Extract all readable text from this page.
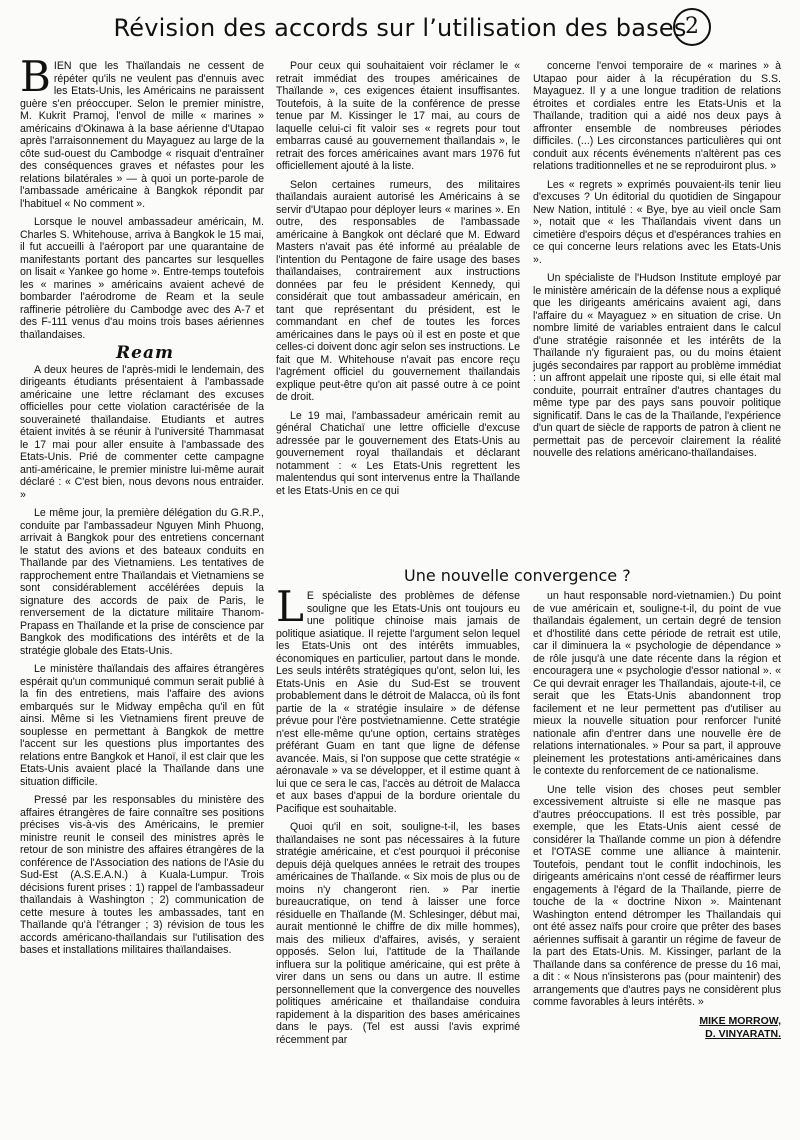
2
Révision des accords sur l’utilisation des bases

BIEN que les Thaïlandais ne cessent de répéter qu'ils ne veulent pas d'ennuis avec les Etats-Unis, les Américains ne paraissent guère s'en préoccuper. Selon le premier ministre, M. Kukrit Pramoj, l'envol de mille « marines » américains d'Okinawa à la base aérienne d'Utapao après l'arraisonnement du Mayaguez au large de la côte sud-ouest du Cambodge « risquait d'entraîner des conséquences graves et néfastes pour les relations bilatérales » — à quoi un porte-parole de l'ambassade américaine à Bangkok répondit par l'habituel « No comment ».

Lorsque le nouvel ambassadeur américain, M. Charles S. Whitehouse, arriva à Bangkok le 15 mai, il fut accueilli à l'aéroport par une quarantaine de manifestants portant des pancartes sur lesquelles on lisait « Yankee go home ». Entre-temps toutefois les « marines » américains avaient achevé de bombarder l'aérodrome de Ream et la seule raffinerie pétrolière du Cambodge avec des A-7 et des F-111 venus d'au moins trois bases aériennes thaïlandaises.

Ream

A deux heures de l'après-midi le lendemain, des dirigeants étudiants présentaient à l'ambassade américaine une lettre réclamant des excuses officielles pour cette violation caractérisée de la souveraineté thaïlandaise. Etudiants et autres étaient invités à se réunir à l'université Thammasat le 17 mai pour aller ensuite à l'ambassade des Etats-Unis. Prié de commenter cette campagne anti-américaine, le premier ministre lui-même aurait déclaré : « C'est bien, nous devons nous entraider. »

Le même jour, la première délégation du G.R.P., conduite par l'ambassadeur Nguyen Minh Phuong, arrivait à Bangkok pour des entretiens concernant le statut des avions et des bateaux conduits en Thaïlande par des Vietnamiens. Les tentatives de rapprochement entre Thaïlandais et Vietnamiens se sont considérablement accélérées depuis la signature des accords de paix de Paris, le renversement de la dictature militaire Thanom-Prapass en Thaïlande et la prise de conscience par Bangkok des modifications des intérêts et de la stratégie globale des Etats-Unis.

Le ministère thaïlandais des affaires étrangères espérait qu'un communiqué commun serait publié à la fin des entretiens, mais l'affaire des avions embarqués sur le Midway empêcha qu'il en fût ainsi. Même si les Vietnamiens firent preuve de souplesse en permettant à Bangkok de mettre l'accent sur les questions plus importantes des relations entre Bangkok et Hanoï, il est clair que les Etats-Unis avaient placé la Thaïlande dans une situation difficile.

Pressé par les responsables du ministère des affaires étrangères de faire connaître ses positions précises vis-à-vis des Américains, le premier ministre reunit le conseil des ministres après le retour de son ministre des affaires étrangères de la conférence de l'Association des nations de l'Asie du Sud-Est (A.S.E.A.N.) à Kuala-Lumpur. Trois décisions furent prises : 1) rappel de l'ambassadeur thaïlandais à Washington ; 2) communication de cette mesure à toutes les ambassades, tant en Thaïlande qu'à l'étranger ; 3) révision de tous les accords américano-thaïlandais sur l'utilisation des bases et installations militaires thaïlandaises.

Pour ceux qui souhaitaient voir réclamer le « retrait immédiat des troupes américaines de Thaïlande », ces exigences étaient insuffisantes. Toutefois, à la suite de la conférence de presse tenue par M. Kissinger le 17 mai, au cours de laquelle celui-ci fit valoir ses « regrets pour tout embarras causé au gouvernement thaïlandais », le retrait des forces américaines avant mars 1976 fut officiellement ajouté à la liste.

Selon certaines rumeurs, des militaires thaïlandais auraient autorisé les Américains à se servir d'Utapao pour déployer leurs « marines ». En outre, des responsables de l'ambassade américaine à Bangkok ont déclaré que M. Edward Masters n'avait pas été informé au préalable de l'intention du Pentagone de faire usage des bases thaïlandaises, contrairement aux instructions données par feu le président Kennedy, qui considérait que tout ambassadeur américain, en tant que représentant du président, est le commandant en chef de toutes les forces américaines dans le pays où il est en poste et que celles-ci doivent donc agir selon ses instructions. Le fait que M. Whitehouse n'avait pas encore reçu l'agrément officiel du gouvernement thaïlandais explique peut-être qu'on ait passé outre à ce point de droit.

Le 19 mai, l'ambassadeur américain remit au général Chatichaï une lettre officielle d'excuse adressée par le gouvernement des Etats-Unis au gouvernement royal thaïlandais et déclarant notamment : « Les Etats-Unis regrettent les malentendus qui sont intervenus entre la Thaïlande et les Etats-Unis en ce qui

concerne l'envoi temporaire de « marines » à Utapao pour aider à la récupération du S.S. Mayaguez. Il y a une longue tradition de relations étroites et cordiales entre les Etats-Unis et la Thaïlande, tradition qui a aidé nos deux pays à affronter ensemble de nombreuses périodes difficiles. (...) Les circonstances particulières qui ont conduit aux récents événements n'altèrent pas ces relations traditionnelles et ne se reproduiront plus. »

Les « regrets » exprimés pouvaient-ils tenir lieu d'excuses ? Un éditorial du quotidien de Singapour New Nation, intitulé : « Bye, bye au vieil oncle Sam », notait que « les Thaïlandais vivent dans un cimetière d'espoirs déçus et d'espérances trahies en ce qui concerne leurs relations avec les Etats-Unis ».

Un spécialiste de l'Hudson Institute employé par le ministère américain de la défense nous a expliqué que les dirigeants américains avaient agi, dans l'affaire du « Mayaguez » en situation de crise. Un nombre limité de variables entraient dans le calcul d'une stratégie raisonnée et les intérêts de la Thaïlande n'y figuraient pas, ou du moins étaient jugés secondaires par rapport au problème immédiat : un affront appelait une riposte qui, si elle était mal conduite, pourrait entraîner d'autres chantages du même type par des pays sans pouvoir politique significatif. Dans le cas de la Thaïlande, l'expérience d'un quart de siècle de rapports de patron à client ne permettait pas de percevoir clairement la réalité nouvelle des relations américano-thaïlandaises.

Une nouvelle convergence ?

L E spécialiste des problèmes de défense souligne que les Etats-Unis ont toujours eu une politique chinoise mais jamais de politique asiatique. Il rejette l'argument selon lequel les Etats-Unis ont des intérêts immuables, économiques en particulier, partout dans le monde. Les seuls intérêts stratégiques qu'ont, selon lui, les Etats-Unis en Asie du Sud-Est se trouvent probablement dans le détroit de Malacca, où ils font partie de la « stratégie insulaire » de défense prévue pour l'ère postvietnamienne. Cette stratégie n'est elle-même qu'une option, certains stratèges préférant Guam en tant que ligne de défense avancée. Mais, si l'on suppose que cette stratégie « aéronavale » va se développer, et il estime quant à lui que ce sera le cas, l'accès au détroit de Malacca et aux bases d'appui de la bordure orientale du Pacifique est souhaitable.

Quoi qu'il en soit, souligne-t-il, les bases thaïlandaises ne sont pas nécessaires à la future stratégie américaine, et c'est pourquoi il préconise depuis déjà quelques années le retrait des troupes américaines de Thaïlande. « Six mois de plus ou de moins n'y changeront rien. » Par inertie bureaucratique, on tend à laisser une force résiduelle en Thaïlande (M. Schlesinger, début mai, aurait mentionné le chiffre de dix mille hommes), mais des milieux d'affaires, avisés, y seraient opposés. Selon lui, l'attitude de la Thaïlande influera sur la politique américaine, qui est prête à virer dans un sens ou dans un autre. Il estime personnellement que la convergence des nouvelles politiques américaine et thaïlandaise conduira rapidement à la disparition des bases américaines dans le pays. (Tel est aussi l'avis exprimé récemment par

un haut responsable nord-vietnamien.) Du point de vue américain et, souligne-t-il, du point de vue thaïlandais également, un certain degré de tension et d'hostilité dans cette période de retrait est utile, car il diminuera la « psychologie de dépendance » de rôle jusqu'à une date récente dans la région et encouragera une « psychologie d'essor national ». « Ce qui devrait enrager les Thaïlandais, ajoute-t-il, ce serait que les Etats-Unis abandonnent trop facilement et ne leur permettent pas d'utiliser au mieux la nouvelle situation pour renforcer l'unité nationale afin d'entrer dans une nouvelle ère de relations internationales. » Pour sa part, il approuve pleinement les protestations anti-américaines dans le contexte du renforcement de ce nationalisme.

Une telle vision des choses peut sembler excessivement altruiste si elle ne masque pas d'autres préoccupations. Il est très possible, par exemple, que les Etats-Unis aient cessé de considérer la Thaïlande comme un pion à défendre et l'OTASE comme une alliance à maintenir. Toutefois, pendant tout le conflit indochinois, les dirigeants américains n'ont cessé de réaffirmer leurs engagements à l'égard de la Thaïlande, pierre de touche de la « doctrine Nixon ». Maintenant Washington entend détromper les Thaïlandais qui ont été assez naïfs pour croire que prêter des bases aériennes suffisait à garantir un régime de faveur de la part des Etats-Unis. M. Kissinger, parlant de la Thaïlande dans sa conférence de presse du 16 mai, a dit : « Nous n'insisterons pas (pour maintenir) des arrangements que d'autres pays ne considèrent plus comme favorables à leurs intérêts. »

MIKE MORROW,
D. VINYARATN.
